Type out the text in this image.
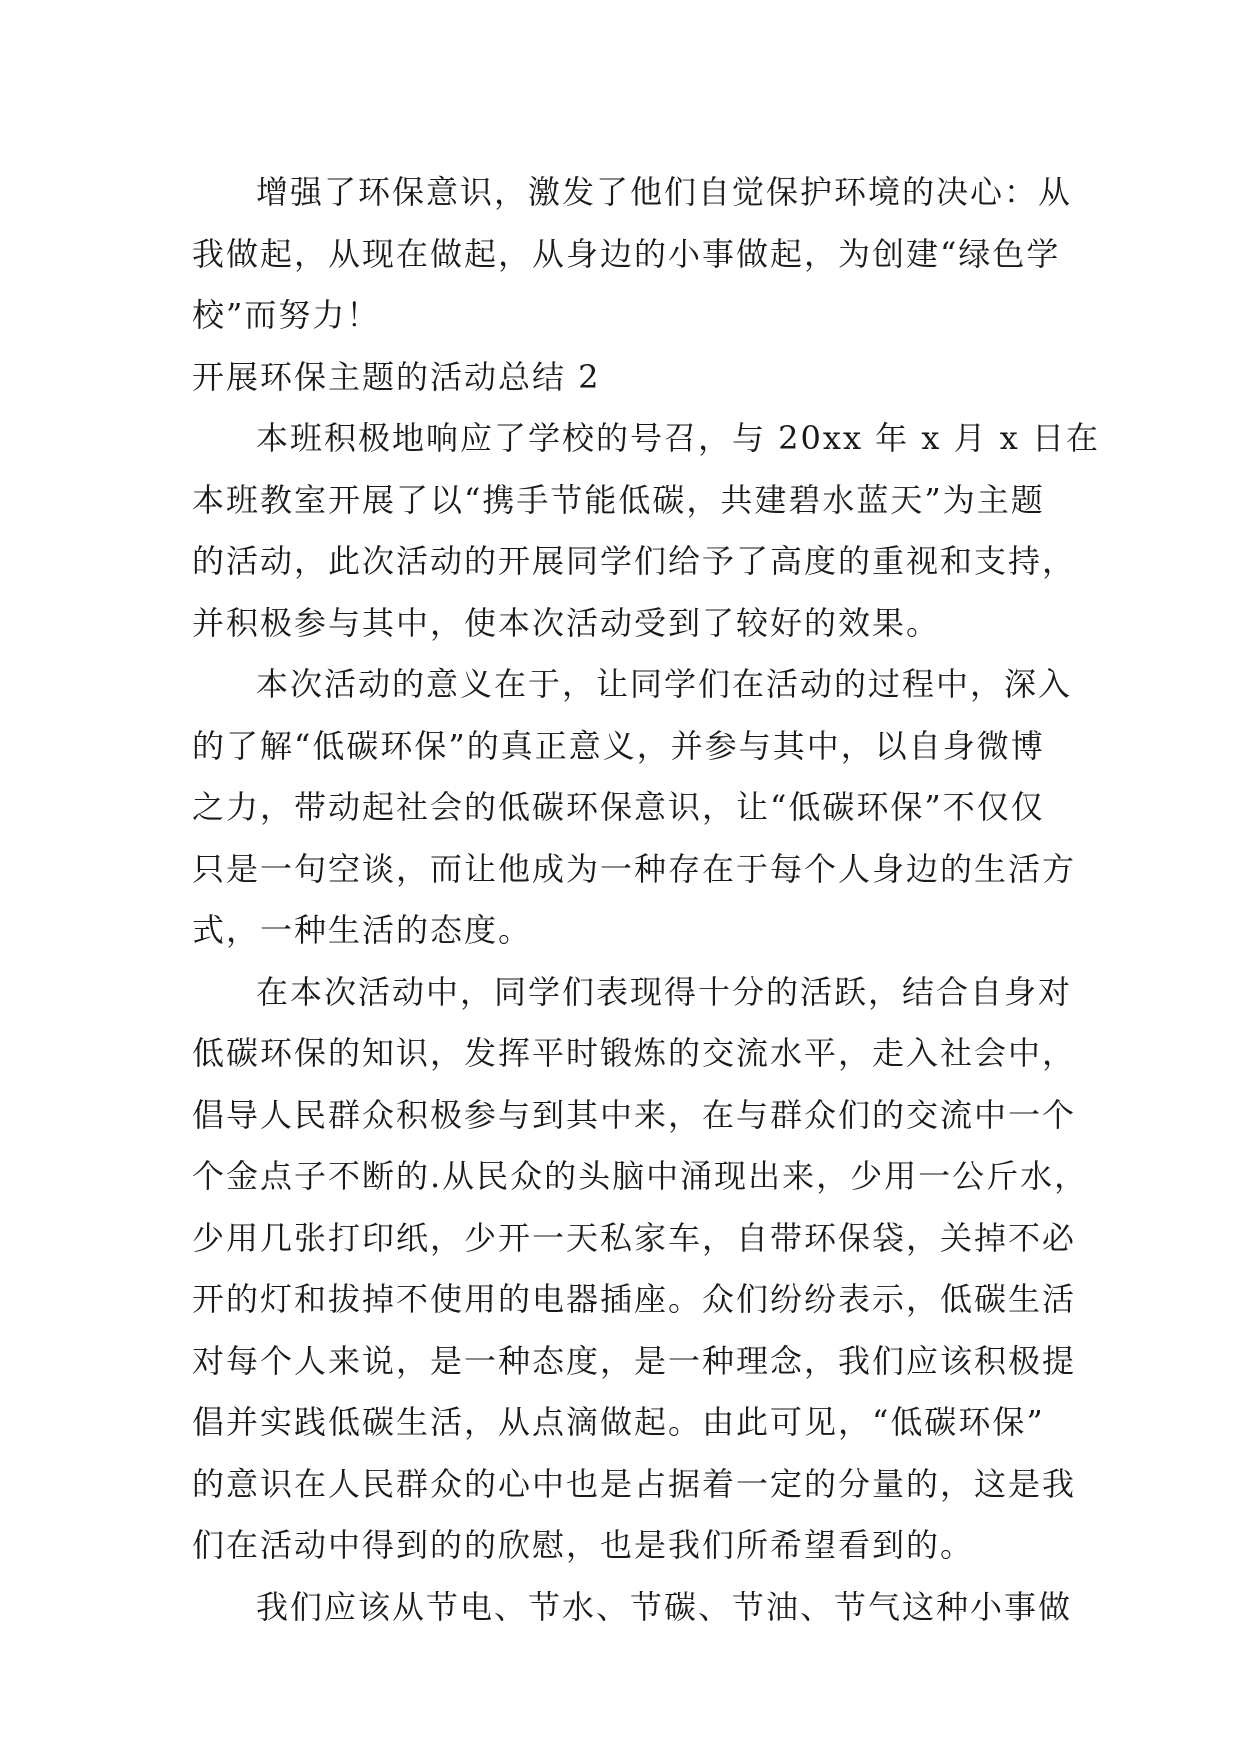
增强了环保意识，激发了他们自觉保护环境的决心：从
我做起，从现在做起，从身边的小事做起，为创建“绿色学
校”而努力！
开展环保主题的活动总结 2
本班积极地响应了学校的号召，与 20xx 年 x 月 x 日在
本班教室开展了以“携手节能低碳，共建碧水蓝天”为主题
的活动，此次活动的开展同学们给予了高度的重视和支持，
并积极参与其中，使本次活动受到了较好的效果。
本次活动的意义在于，让同学们在活动的过程中，深入
的了解“低碳环保”的真正意义，并参与其中，以自身微博
之力，带动起社会的低碳环保意识，让“低碳环保”不仅仅
只是一句空谈，而让他成为一种存在于每个人身边的生活方
式，一种生活的态度。
在本次活动中，同学们表现得十分的活跃，结合自身对
低碳环保的知识，发挥平时锻炼的交流水平，走入社会中，
倡导人民群众积极参与到其中来，在与群众们的交流中一个
个金点子不断的.从民众的头脑中涌现出来，少用一公斤水，
少用几张打印纸，少开一天私家车，自带环保袋，关掉不必
开的灯和拔掉不使用的电器插座。众们纷纷表示，低碳生活
对每个人来说，是一种态度，是一种理念，我们应该积极提
倡并实践低碳生活，从点滴做起。由此可见，“低碳环保”
的意识在人民群众的心中也是占据着一定的分量的，这是我
们在活动中得到的的欣慰，也是我们所希望看到的。
我们应该从节电、节水、节碳、节油、节气这种小事做
